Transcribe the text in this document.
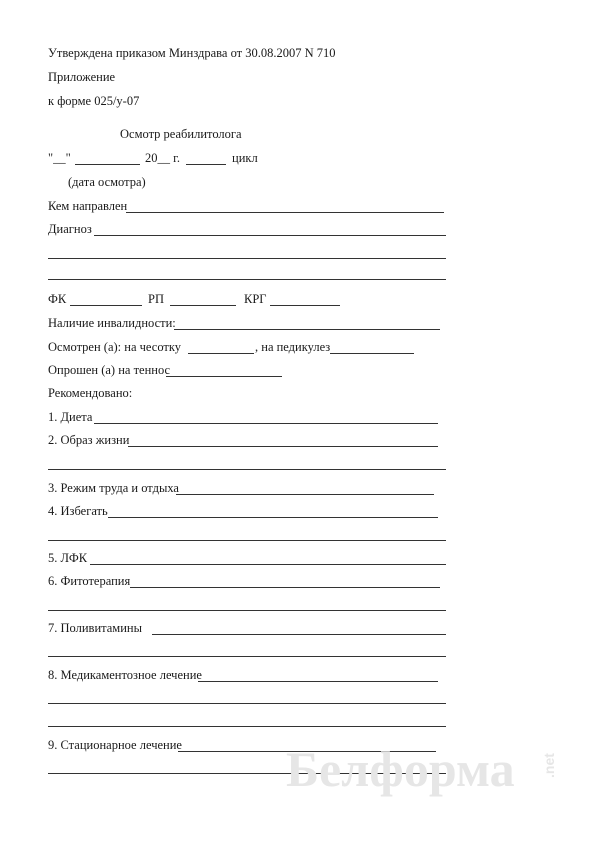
Утверждена приказом Минздрава от 30.08.2007 N 710
Приложение
к форме 025/у-07
Осмотр реабилитолога
"__"	20__ г.	цикл
(дата осмотра)
Кем направлен
Диагноз
ФК	РП	КРГ
Наличие инвалидности:
Осмотрен (а): на чесотку	, на педикулез
Опрошен (а) на теннос
Рекомендовано:
1. Диета
2. Образ жизни
3. Режим труда и отдыха
4. Избегать
5. ЛФК
6. Фитотерапия
7. Поливитамины
8. Медикаментозное лечение
9. Стационарное лечение Белформа .net
